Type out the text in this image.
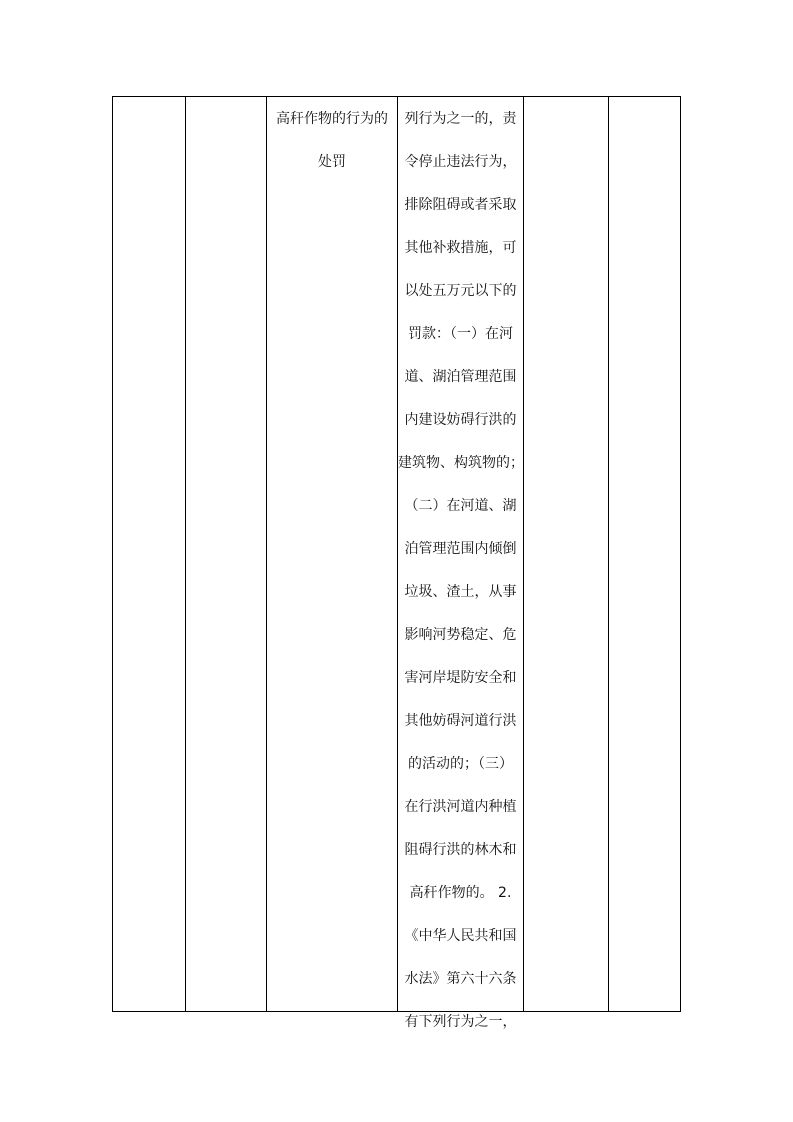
高秆作物的行为的

处罚

列行为之一的，责

令停止违法行为，

排除阻碍或者采取

其他补救措施，可

以处五万元以下的

罚款：（一）在河

道、湖泊管理范围

内建设妨碍行洪的

建筑物、构筑物的；

（二）在河道、湖

泊管理范围内倾倒

垃圾、渣土，从事

影响河势稳定、危

害河岸堤防安全和

其他妨碍河道行洪

的活动的；（三）

在行洪河道内种植

阻碍行洪的林木和

高秆作物的。 2.

《中华人民共和国

水法》第六十六条

有下列行为之一，
